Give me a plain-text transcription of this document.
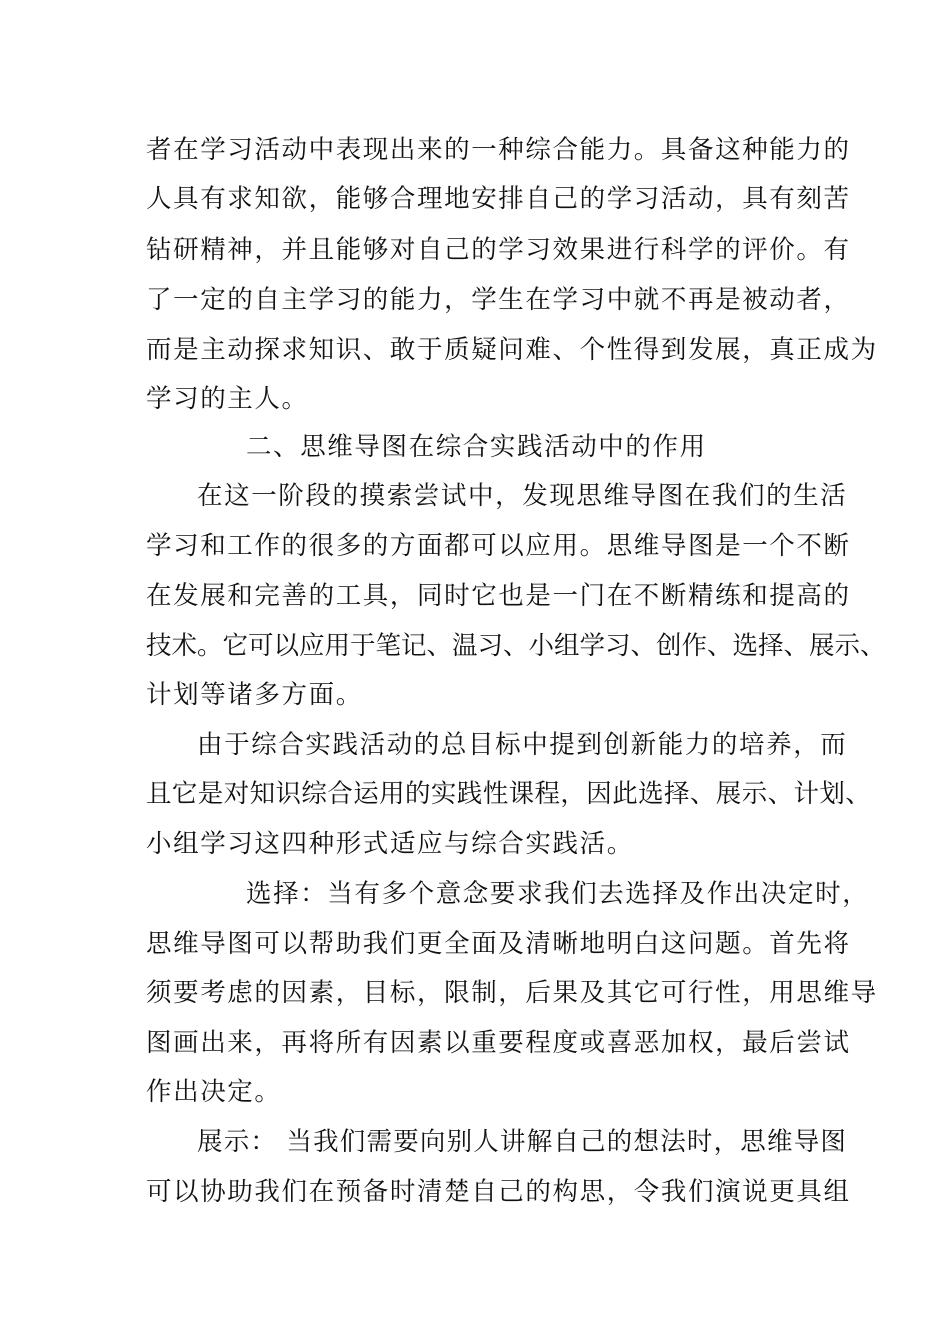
者在学习活动中表现出来的一种综合能力。具备这种能力的
人具有求知欲，能够合理地安排自己的学习活动，具有刻苦
钻研精神，并且能够对自己的学习效果进行科学的评价。有
了一定的自主学习的能力，学生在学习中就不再是被动者，
而是主动探求知识、敢于质疑问难、个性得到发展，真正成为
学习的主人。
二、思维导图在综合实践活动中的作用
在这一阶段的摸索尝试中，发现思维导图在我们的生活
学习和工作的很多的方面都可以应用。思维导图是一个不断
在发展和完善的工具，同时它也是一门在不断精练和提高的
技术。它可以应用于笔记、温习、小组学习、创作、选择、展示、
计划等诸多方面。
由于综合实践活动的总目标中提到创新能力的培养，而
且它是对知识综合运用的实践性课程，因此选择、展示、计划、
小组学习这四种形式适应与综合实践活。
选择：当有多个意念要求我们去选择及作出决定时，
思维导图可以帮助我们更全面及清晰地明白这问题。首先将
须要考虑的因素，目标，限制，后果及其它可行性，用思维导
图画出来，再将所有因素以重要程度或喜恶加权，最后尝试
作出决定。
展示： 当我们需要向别人讲解自己的想法时，思维导图
可以协助我们在预备时清楚自己的构思，令我们演说更具组
